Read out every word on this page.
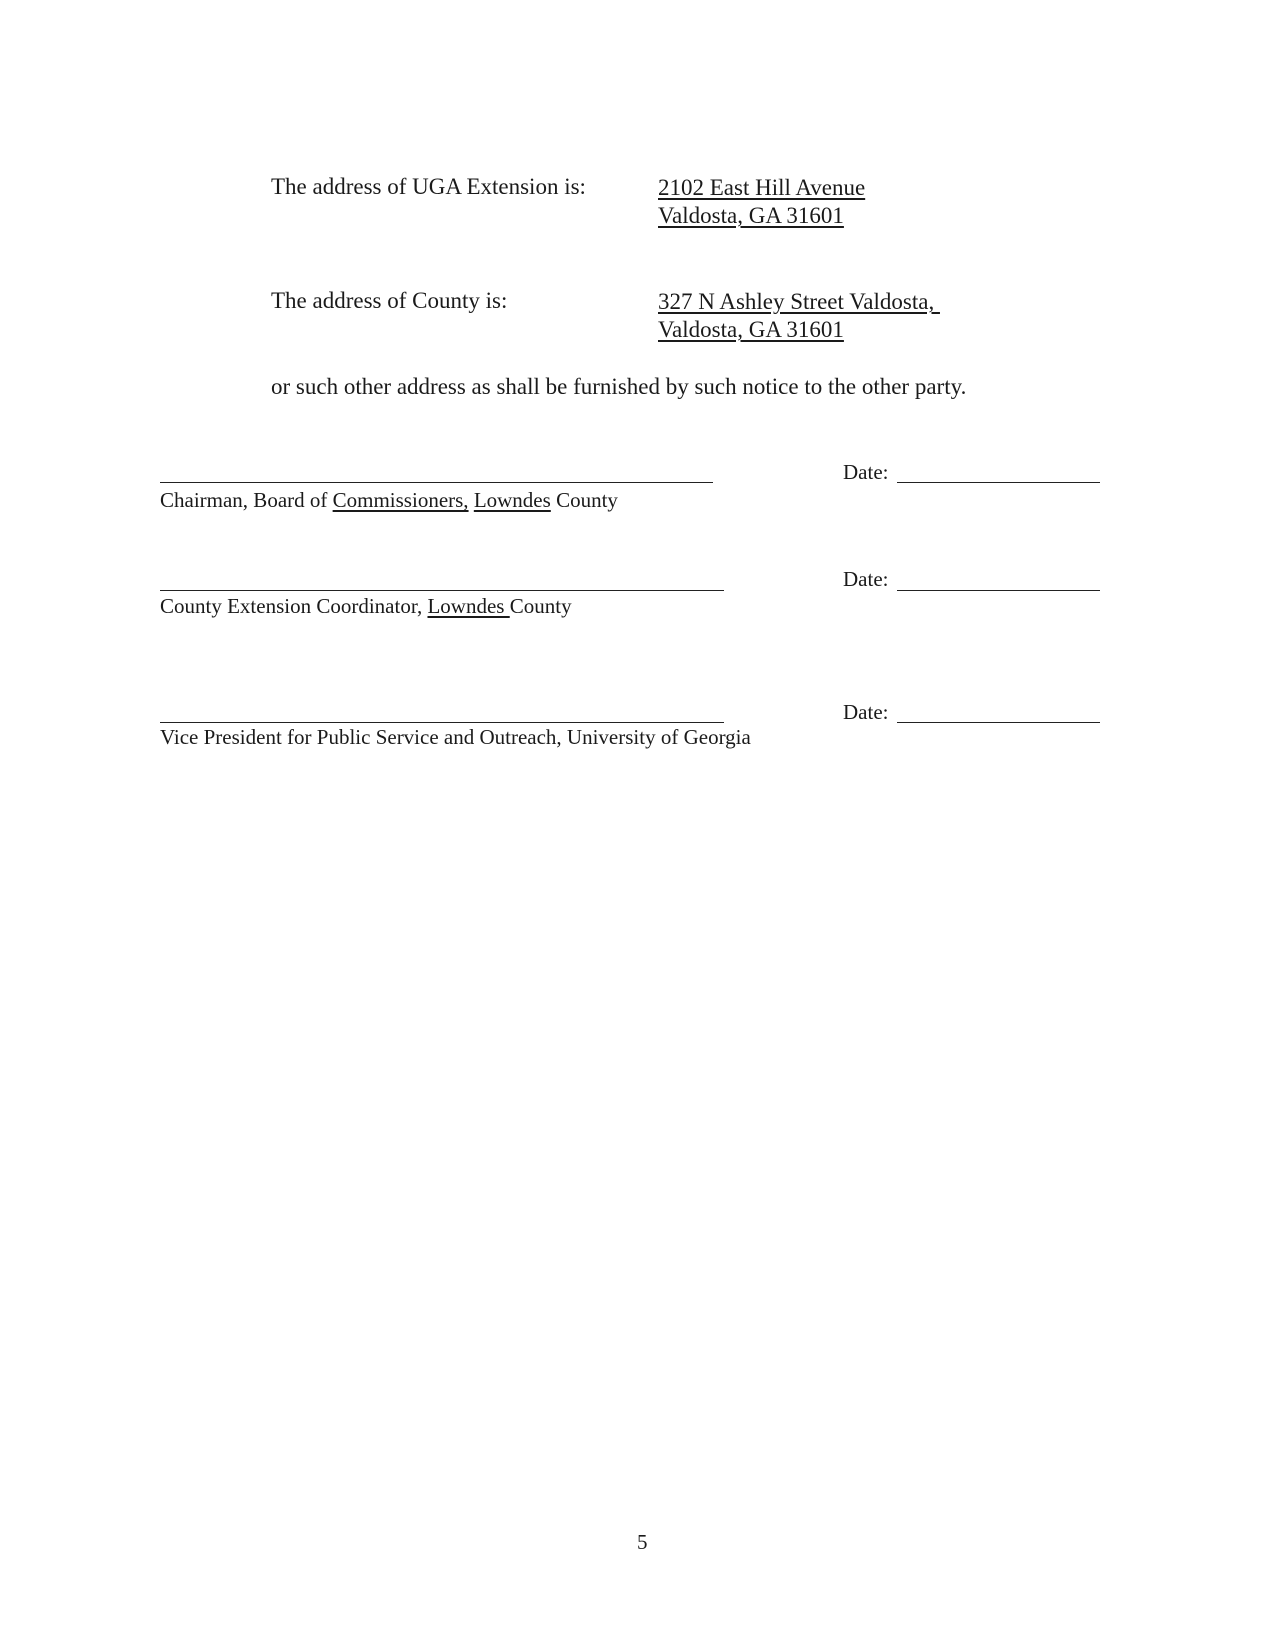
The address of UGA Extension is:	2102 East Hill Avenue
Valdosta, GA 31601
The address of County is:	327 N Ashley Street Valdosta,
Valdosta, GA 31601
or such other address as shall be furnished by such notice to the other party.
Chairman, Board of Commissioners, Lowndes County
Date:
County Extension Coordinator, Lowndes County
Date:
Vice President for Public Service and Outreach, University of Georgia
Date:
5
